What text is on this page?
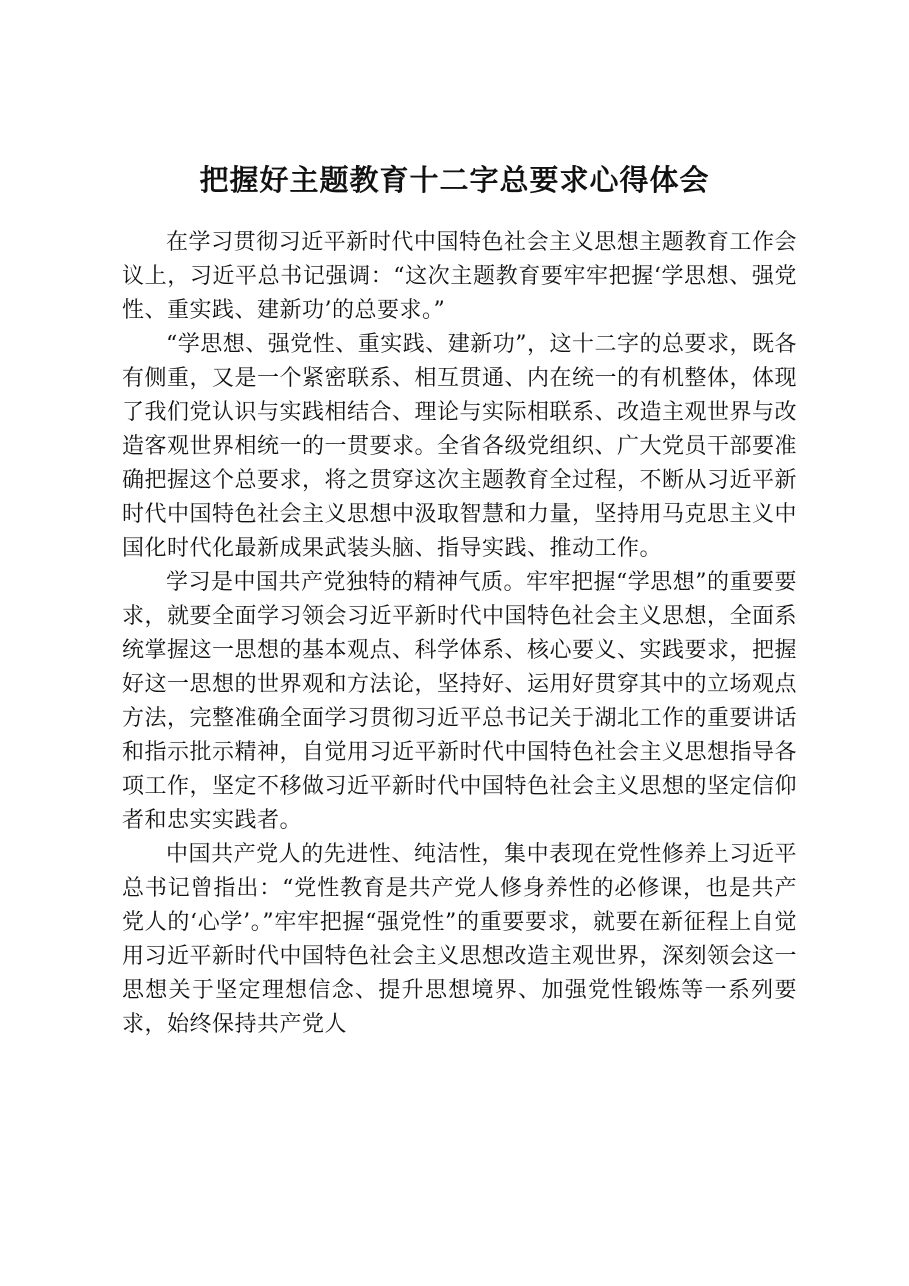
把握好主题教育十二字总要求心得体会

在学习贯彻习近平新时代中国特色社会主义思想主题教育工作会议上，习近平总书记强调：“这次主题教育要牢牢把握‘学思想、强党性、重实践、建新功’的总要求。”

“学思想、强党性、重实践、建新功”，这十二字的总要求，既各有侧重，又是一个紧密联系、相互贯通、内在统一的有机整体，体现了我们党认识与实践相结合、理论与实际相联系、改造主观世界与改造客观世界相统一的一贯要求。全省各级党组织、广大党员干部要准确把握这个总要求，将之贯穿这次主题教育全过程，不断从习近平新时代中国特色社会主义思想中汲取智慧和力量，坚持用马克思主义中国化时代化最新成果武装头脑、指导实践、推动工作。

学习是中国共产党独特的精神气质。牢牢把握“学思想”的重要要求，就要全面学习领会习近平新时代中国特色社会主义思想，全面系统掌握这一思想的基本观点、科学体系、核心要义、实践要求，把握好这一思想的世界观和方法论，坚持好、运用好贯穿其中的立场观点方法，完整准确全面学习贯彻习近平总书记关于湖北工作的重要讲话和指示批示精神，自觉用习近平新时代中国特色社会主义思想指导各项工作，坚定不移做习近平新时代中国特色社会主义思想的坚定信仰者和忠实实践者。

中国共产党人的先进性、纯洁性，集中表现在党性修养上习近平总书记曾指出：“党性教育是共产党人修身养性的必修课，也是共产党人的‘心学’。”牢牢把握“强党性”的重要要求，就要在新征程上自觉用习近平新时代中国特色社会主义思想改造主观世界，深刻领会这一思想关于坚定理想信念、提升思想境界、加强党性锻炼等一系列要求，始终保持共产党人
